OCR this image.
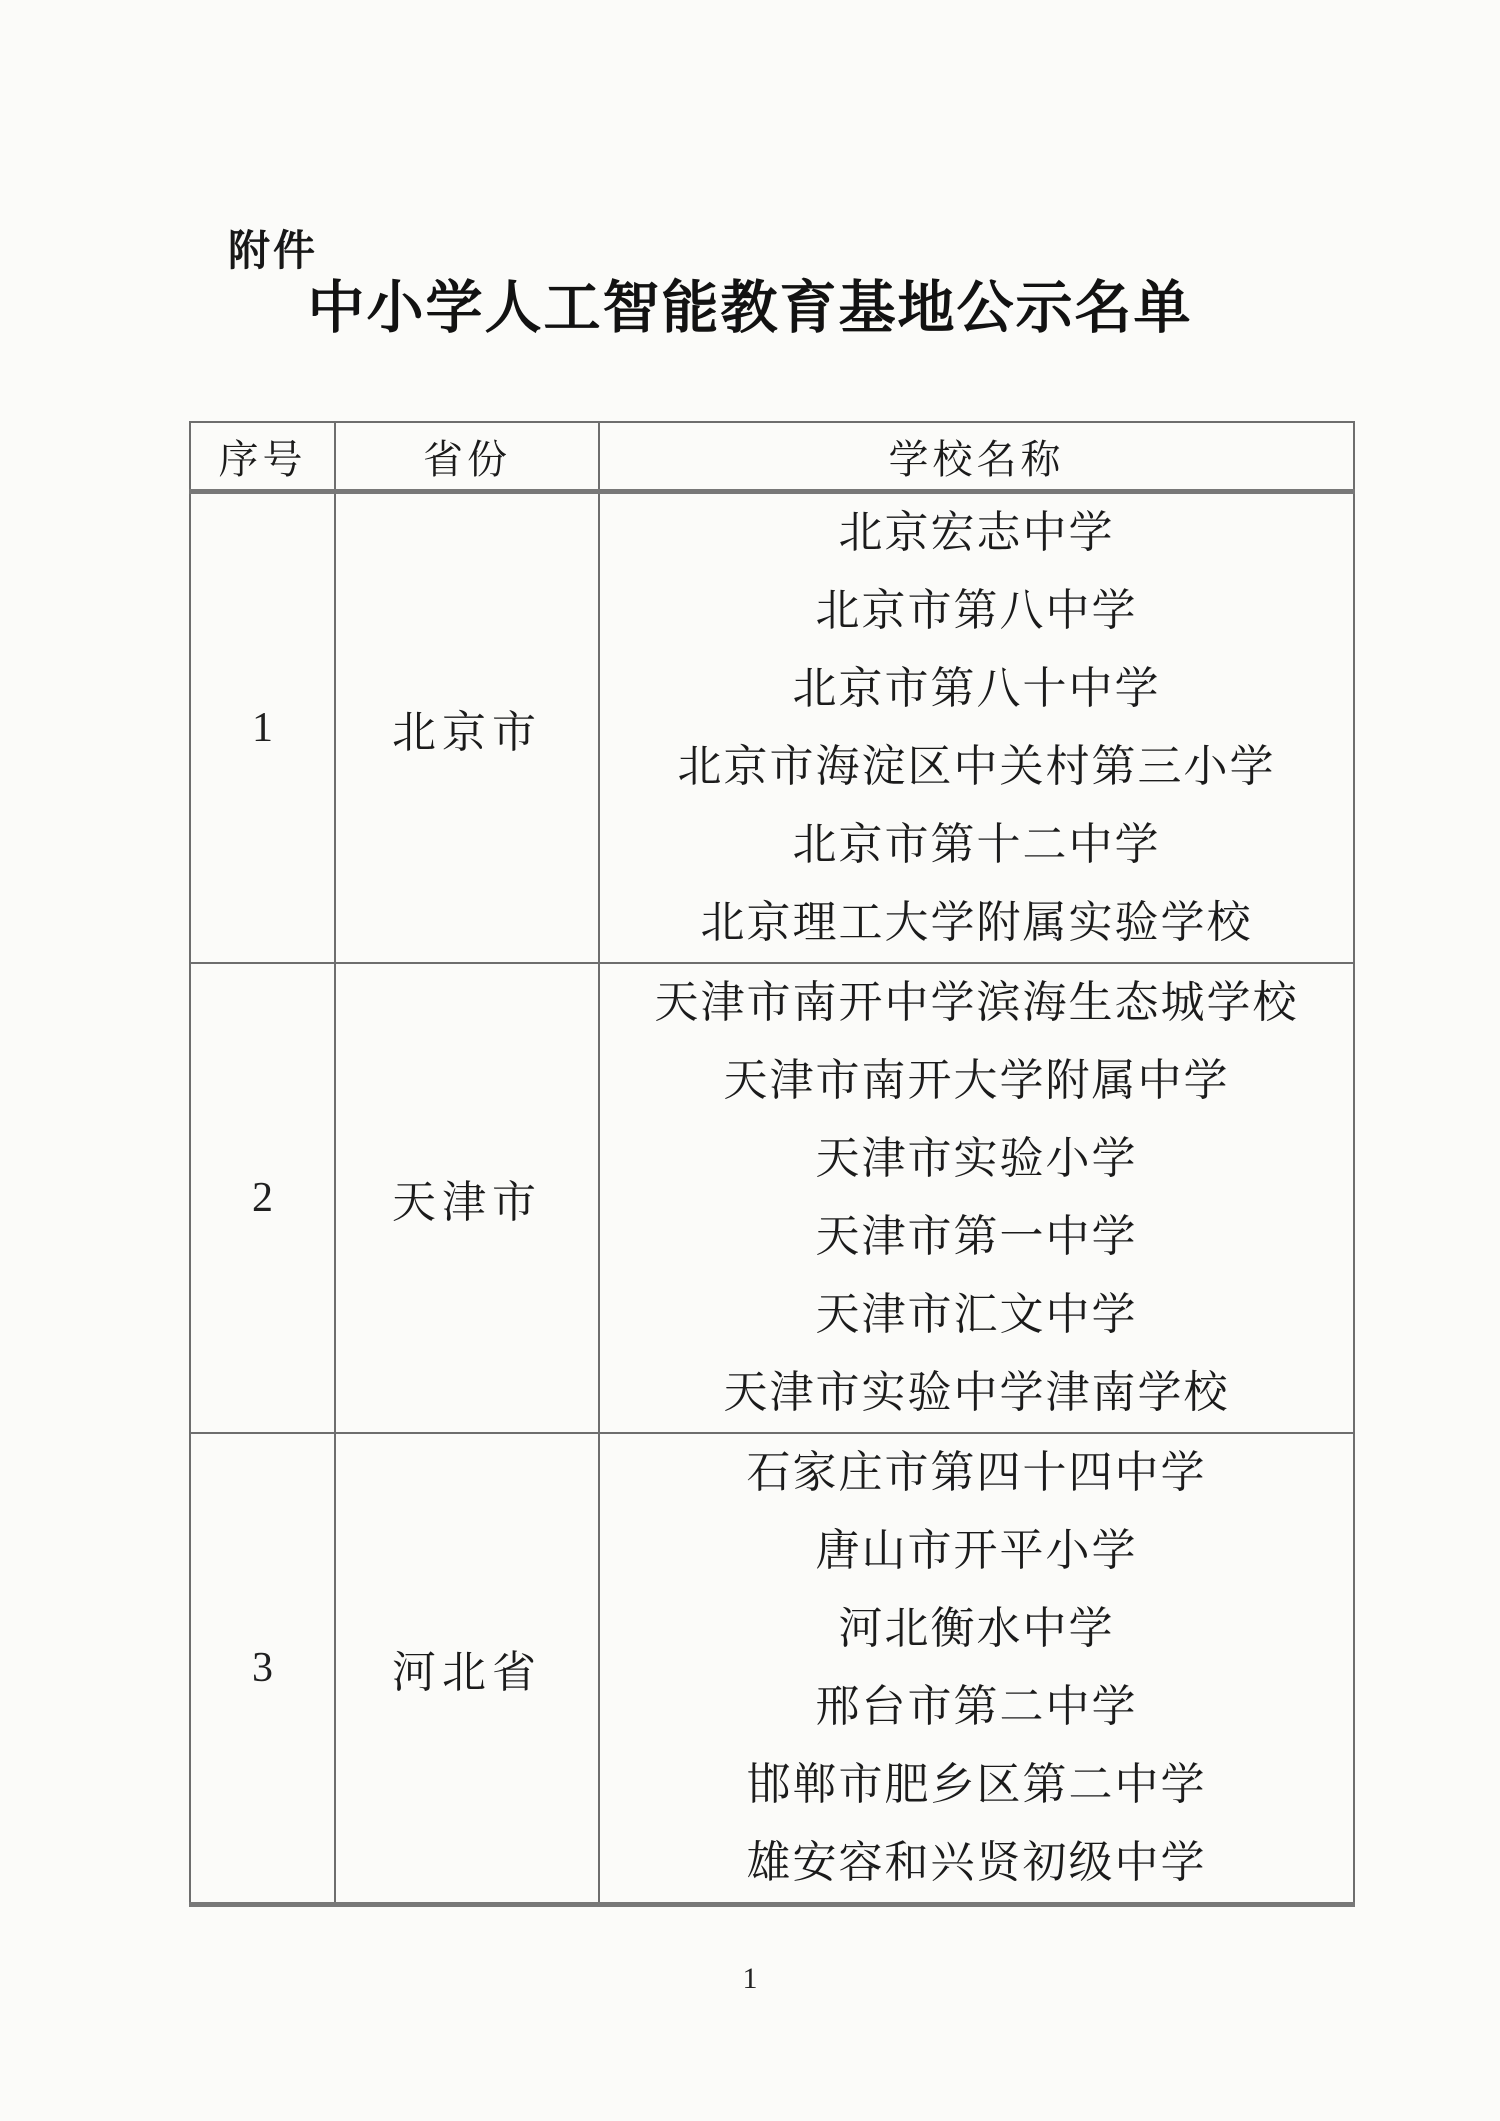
附件
中小学人工智能教育基地公示名单
序号	省份	学校名称
1	北京市	
北京宏志中学
北京市第八中学
北京市第八十中学
北京市海淀区中关村第三小学
北京市第十二中学
北京理工大学附属实验学校

2	天津市	
天津市南开中学滨海生态城学校
天津市南开大学附属中学
天津市实验小学
天津市第一中学
天津市汇文中学
天津市实验中学津南学校

3	河北省	
石家庄市第四十四中学
唐山市开平小学
河北衡水中学
邢台市第二中学
邯郸市肥乡区第二中学
雄安容和兴贤初级中学
1
